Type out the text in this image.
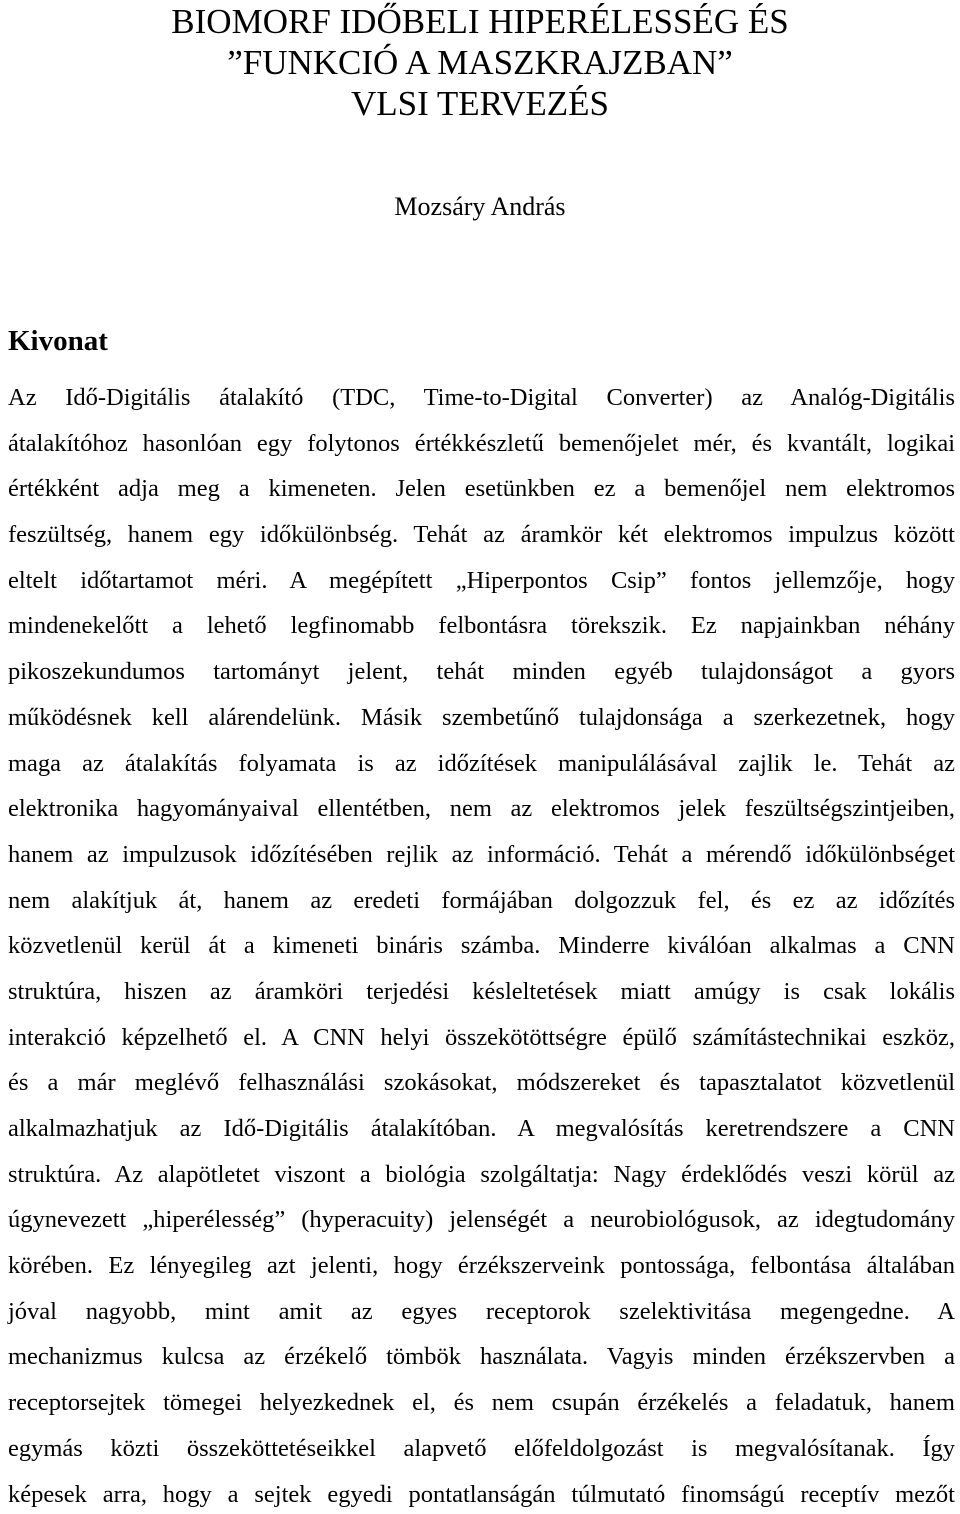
BIOMORF IDŐBELI HIPERÉLESSÉG ÉS
”FUNKCIÓ A MASZKRAJZBAN”
VLSI TERVEZÉS
Mozsáry András
Kivonat
Az Idő-Digitális átalakító (TDC, Time-to-Digital Converter) az Analóg-Digitális
átalakítóhoz hasonlóan egy folytonos értékkészletű bemenőjelet mér, és kvantált, logikai
értékként adja meg a kimeneten. Jelen esetünkben ez a bemenőjel nem elektromos
feszültség, hanem egy időkülönbség. Tehát az áramkör két elektromos impulzus között
eltelt időtartamot méri. A megépített „Hiperpontos Csip” fontos jellemzője, hogy
mindenekelőtt a lehető legfinomabb felbontásra törekszik. Ez napjainkban néhány
pikoszekundumos tartományt jelent, tehát minden egyéb tulajdonságot a gyors
működésnek kell alárendelünk. Másik szembetűnő tulajdonsága a szerkezetnek, hogy
maga az átalakítás folyamata is az időzítések manipulálásával zajlik le. Tehát az
elektronika hagyományaival ellentétben, nem az elektromos jelek feszültségszintjeiben,
hanem az impulzusok időzítésében rejlik az információ. Tehát a mérendő időkülönbséget
nem alakítjuk át, hanem az eredeti formájában dolgozzuk fel, és ez az időzítés
közvetlenül kerül át a kimeneti bináris számba. Minderre kiválóan alkalmas a CNN
struktúra, hiszen az áramköri terjedési késleltetések miatt amúgy is csak lokális
interakció képzelhető el. A CNN helyi összekötöttségre épülő számítástechnikai eszköz,
és a már meglévő felhasználási szokásokat, módszereket és tapasztalatot közvetlenül
alkalmazhatjuk az Idő-Digitális átalakítóban. A megvalósítás keretrendszere a CNN
struktúra. Az alapötletet viszont a biológia szolgáltatja: Nagy érdeklődés veszi körül az
úgynevezett „hiperélesség” (hyperacuity) jelenségét a neurobiológusok, az idegtudomány
körében. Ez lényegileg azt jelenti, hogy érzékszerveink pontossága, felbontása általában
jóval nagyobb, mint amit az egyes receptorok szelektivitása megengedne. A
mechanizmus kulcsa az érzékelő tömbök használata. Vagyis minden érzékszervben a
receptorsejtek tömegei helyezkednek el, és nem csupán érzékelés a feladatuk, hanem
egymás közti összeköttetéseikkel alapvető előfeldolgozást is megvalósítanak. Így
képesek arra, hogy a sejtek egyedi pontatlanságán túlmutató finomságú receptív mezőt
